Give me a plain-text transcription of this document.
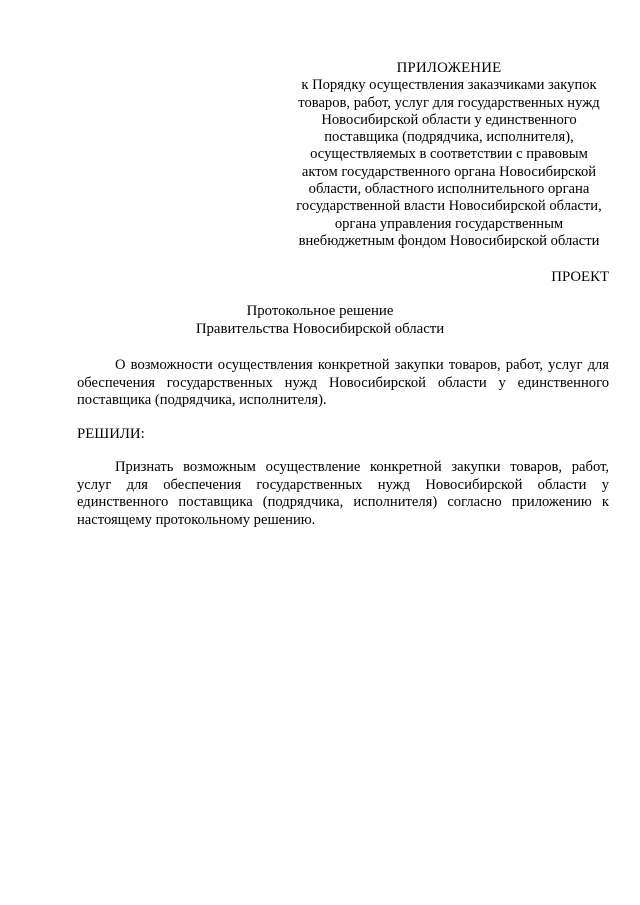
ПРИЛОЖЕНИЕ
к Порядку осуществления заказчиками закупок
товаров, работ, услуг для государственных нужд
Новосибирской области у единственного
поставщика (подрядчика, исполнителя),
осуществляемых в соответствии с правовым
актом государственного органа Новосибирской
области, областного исполнительного органа
государственной власти Новосибирской области,
органа управления государственным
внебюджетным фондом Новосибирской области
ПРОЕКТ
Протокольное решение
Правительства Новосибирской области
О возможности осуществления конкретной закупки товаров, работ, услуг для обеспечения государственных нужд Новосибирской области у единственного поставщика (подрядчика, исполнителя).
РЕШИЛИ:
Признать возможным осуществление конкретной закупки товаров, работ, услуг для обеспечения государственных нужд Новосибирской области у единственного поставщика (подрядчика, исполнителя) согласно приложению к настоящему протокольному решению.
